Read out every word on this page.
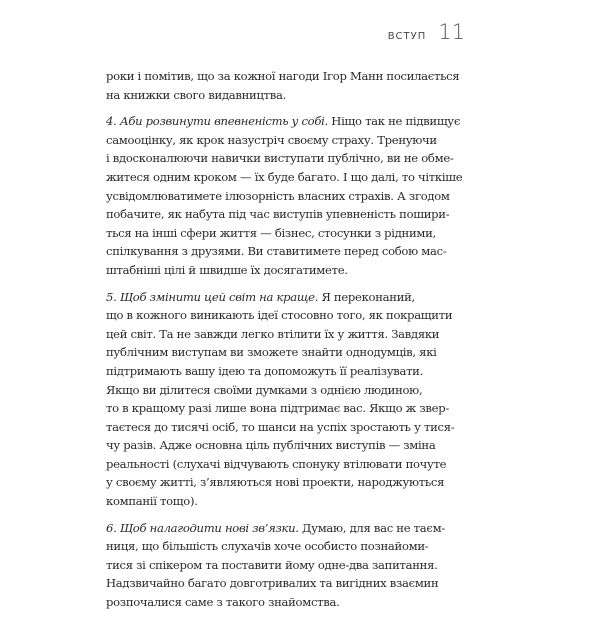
ВСТУП 11
роки і помітив, що за кожної нагоди Ігор Манн посилається
на книжки свого видавництва.
4. Аби розвинути впевненість у собі. Ніщо так не підвищує
самооцінку, як крок назустріч своєму страху. Тренуючи
і вдосконалюючи навички виступати публічно, ви не обме-
житеся одним кроком — їх буде багато. І що далі, то чіткіше
усвідомлюватимете ілюзорність власних страхів. А згодом
побачите, як набута під час виступів упевненість пошири-
ться на інші сфери життя — бізнес, стосунки з рідними,
спілкування з друзями. Ви ставитимете перед собою мас-
штабніші цілі й швидше їх досягатимете.
5. Щоб змінити цей світ на краще. Я переконаний,
що в кожного виникають ідеї стосовно того, як покращити
цей світ. Та не завжди легко втілити їх у життя. Завдяки
публічним виступам ви зможете знайти однодумців, які
підтримають вашу ідею та допоможуть її реалізувати.
Якщо ви ділитеся своїми думками з однією людиною,
то в кращому разі лише вона підтримає вас. Якщо ж звер-
таєтеся до тисячі осіб, то шанси на успіх зростають у тися-
чу разів. Адже основна ціль публічних виступів — зміна
реальності (слухачі відчувають спонуку втілювати почуте
у своєму житті, з’являються нові проекти, народжуються
компанії тощо).
6. Щоб налагодити нові зв’язки. Думаю, для вас не таєм-
ниця, що більшість слухачів хоче особисто познайоми-
тися зі спікером та поставити йому одне-два запитання.
Надзвичайно багато довготривалих та вигідних взаємин
розпочалися саме з такого знайомства.
